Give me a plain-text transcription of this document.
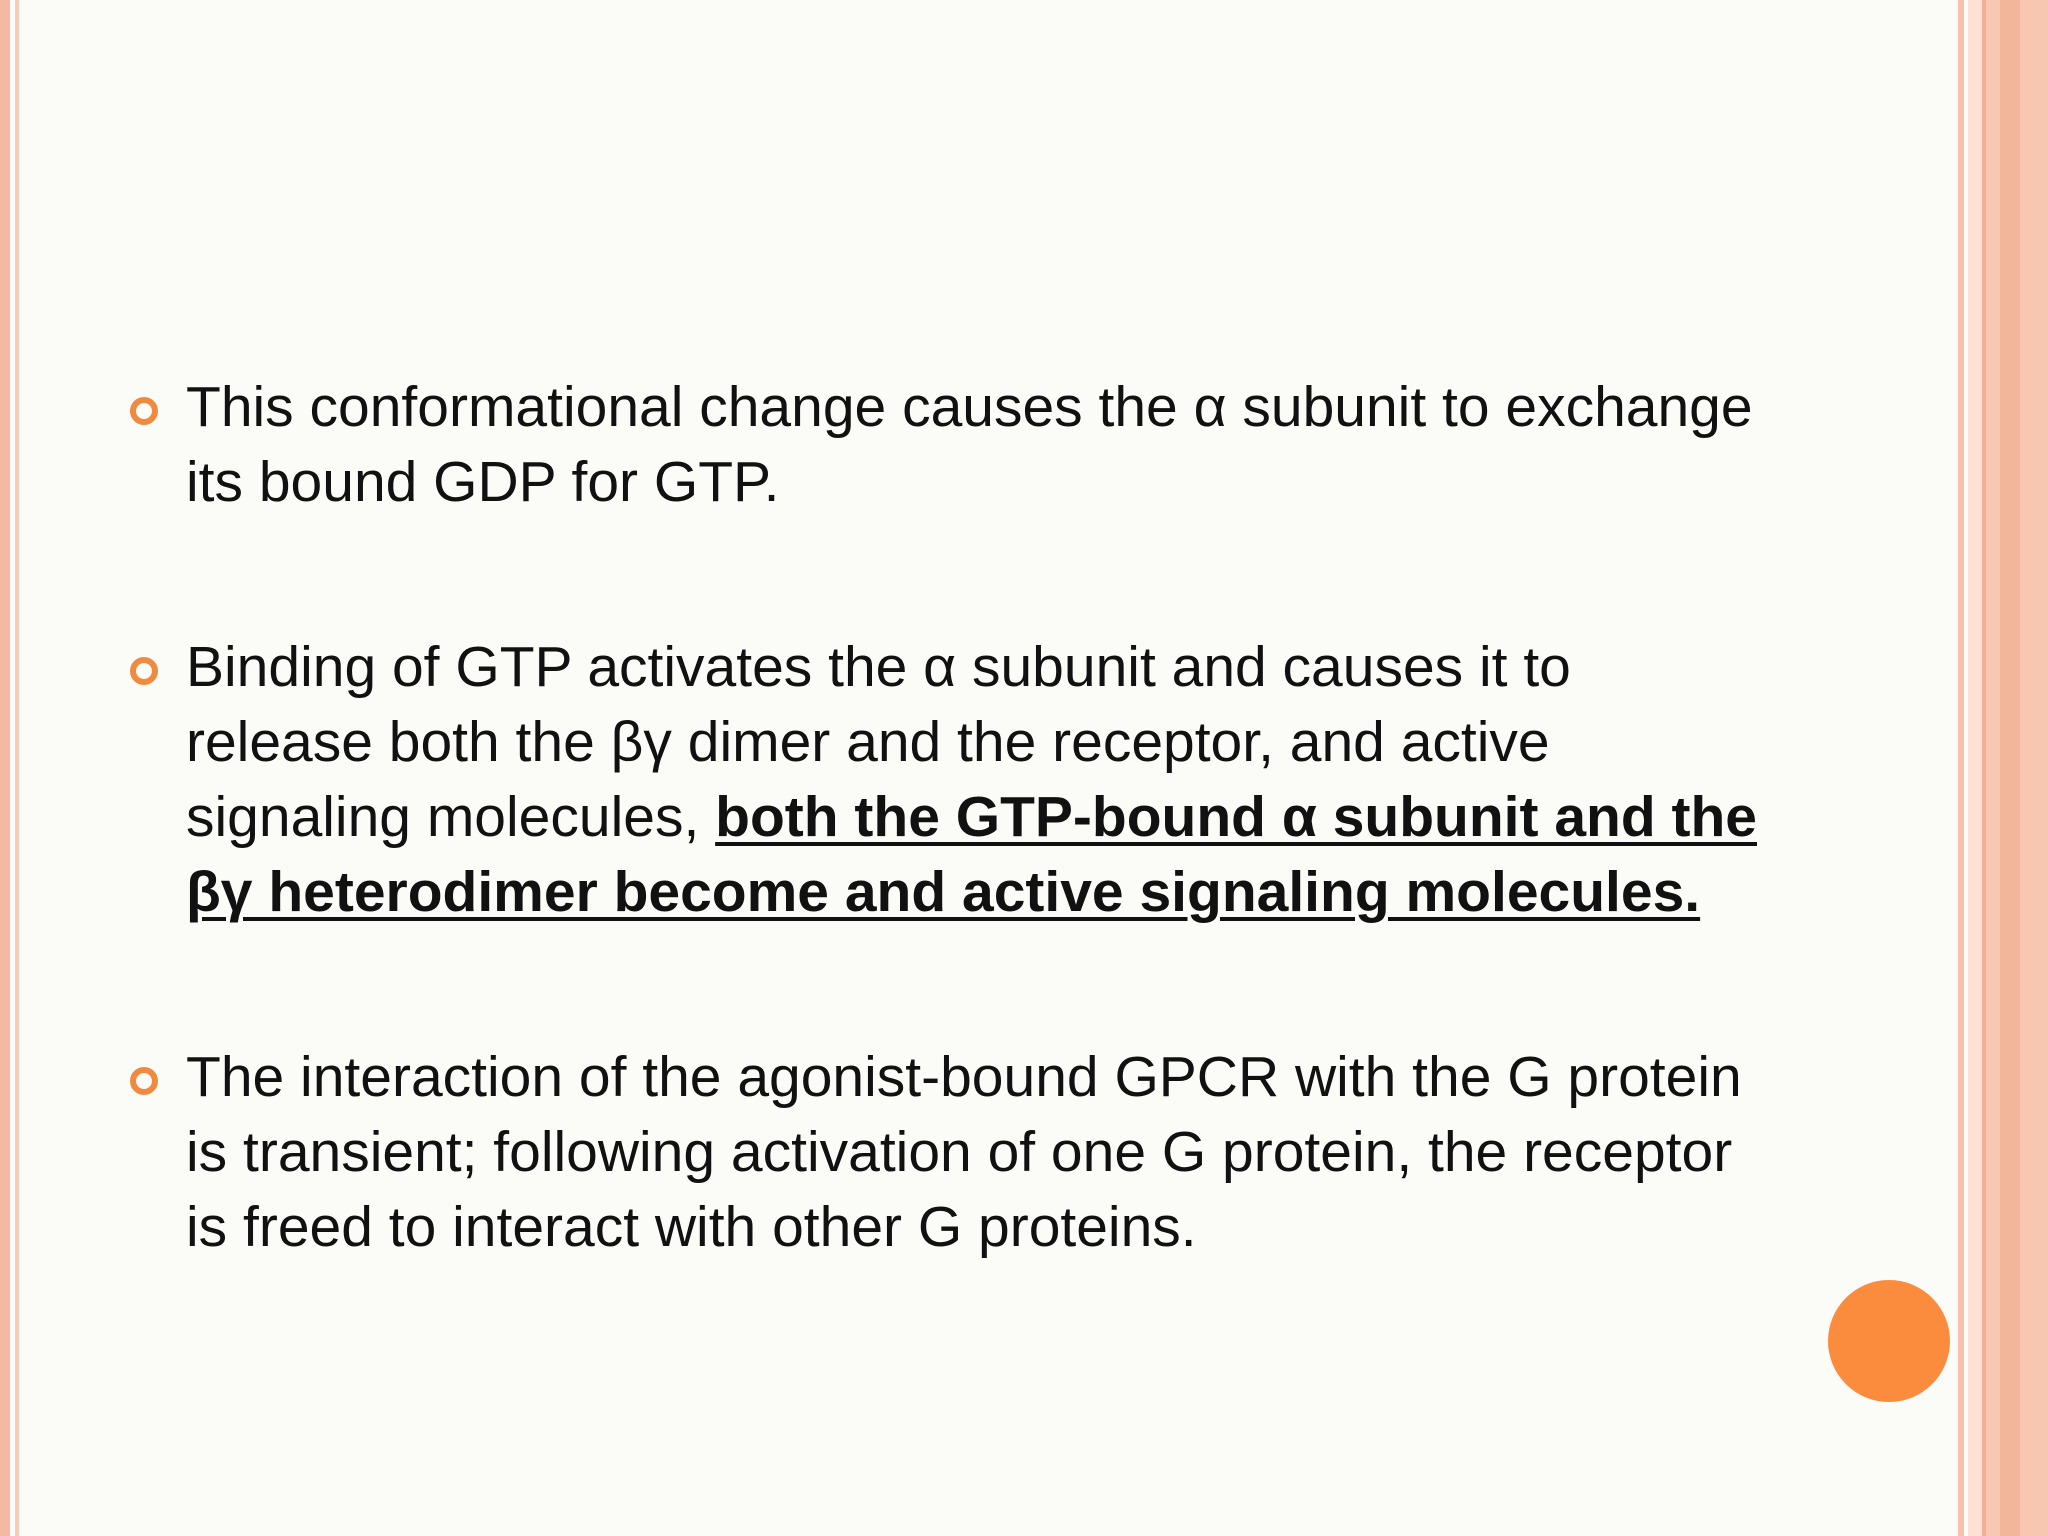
This conformational change causes the α subunit to exchange its bound GDP for GTP.
Binding of GTP activates the α subunit and causes it to release both the βγ dimer and the receptor, and active signaling molecules, both the GTP-bound α subunit and the βγ heterodimer become and active signaling molecules.
The interaction of the agonist-bound GPCR with the G protein is transient; following activation of one G protein, the receptor is freed to interact with other G proteins.
